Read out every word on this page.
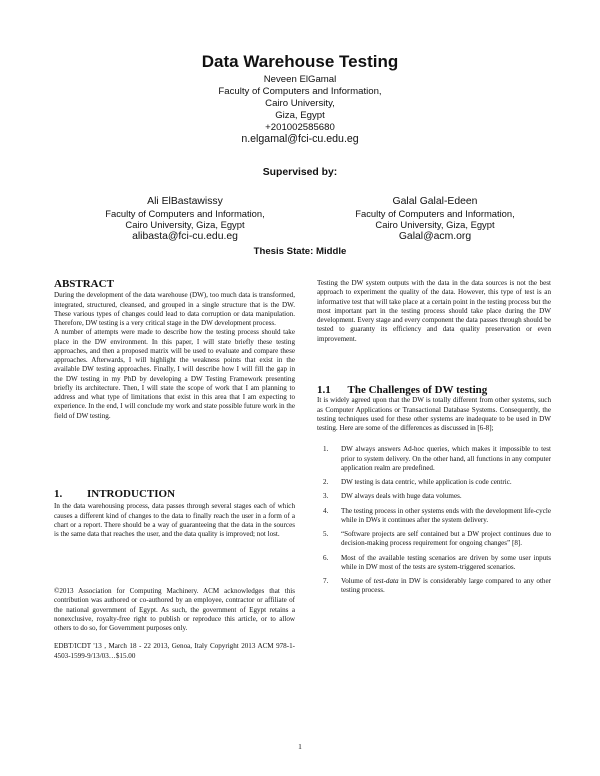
Data Warehouse Testing
Neveen ElGamal
Faculty of Computers and Information,
Cairo University,
Giza, Egypt
+201002585680
n.elgamal@fci-cu.edu.eg
Supervised by:
Ali ElBastawissy
Faculty of Computers and Information,
Cairo University, Giza, Egypt
alibasta@fci-cu.edu.eg
Galal Galal-Edeen
Faculty of Computers and Information,
Cairo University, Giza, Egypt
Galal@acm.org
Thesis State: Middle
ABSTRACT

During the development of the data warehouse (DW), too much data is transformed, integrated, structured, cleansed, and grouped in a single structure that is the DW. These various types of changes could lead to data corruption or data manipulation. Therefore, DW testing is a very critical stage in the DW development process.

A number of attempts were made to describe how the testing process should take place in the DW environment. In this paper, I will state briefly these testing approaches, and then a proposed matrix will be used to evaluate and compare these approaches. Afterwards, I will highlight the weakness points that exist in the available DW testing approaches. Finally, I will describe how I will fill the gap in the DW testing in my PhD by developing a DW Testing Framework presenting briefly its architecture. Then, I will state the scope of work that I am planning to address and what type of limitations that exist in this area that I am expecting to experience. In the end, I will conclude my work and state possible future work in the field of DW testing.

1. INTRODUCTION

In the data warehousing process, data passes through several stages each of which causes a different kind of changes to the data to finally reach the user in a form of a chart or a report. There should be a way of guaranteeing that the data in the sources is the same data that reaches the user, and the data quality is improved; not lost.

©2013 Association for Computing Machinery. ACM acknowledges that this contribution was authored or co-authored by an employee, contractor or affiliate of the national government of Egypt. As such, the government of Egypt retains a nonexclusive, royalty-free right to publish or reproduce this article, or to allow others to do so, for Government purposes only.

EDBT/ICDT '13 , March 18 - 22 2013, Genoa, Italy Copyright 2013 ACM 978-1-4503-1599-9/13/03…$15.00

Testing the DW system outputs with the data in the data sources is not the best approach to experiment the quality of the data. However, this type of test is an informative test that will take place at a certain point in the testing process but the most important part in the testing process should take place during the DW development. Every stage and every component the data passes through should be tested to guaranty its efficiency and data quality preservation or even improvement.

1.1 The Challenges of DW testing

It is widely agreed upon that the DW is totally different from other systems, such as Computer Applications or Transactional Database Systems. Consequently, the testing techniques used for these other systems are inadequate to be used in DW testing. Here are some of the differences as discussed in [6-8];

1. DW always answers Ad-hoc queries, which makes it impossible to test prior to system delivery. On the other hand, all functions in any computer application realm are predefined.
2. DW testing is data centric, while application is code centric.
3. DW always deals with huge data volumes.
4. The testing process in other systems ends with the development life-cycle while in DWs it continues after the system delivery.
5. “Software projects are self contained but a DW project continues due to decision-making process requirement for ongoing changes” [8].
6. Most of the available testing scenarios are driven by some user inputs while in DW most of the tests are system-triggered scenarios.
7. Volume of test-data in DW is considerably large compared to any other testing process.
1
